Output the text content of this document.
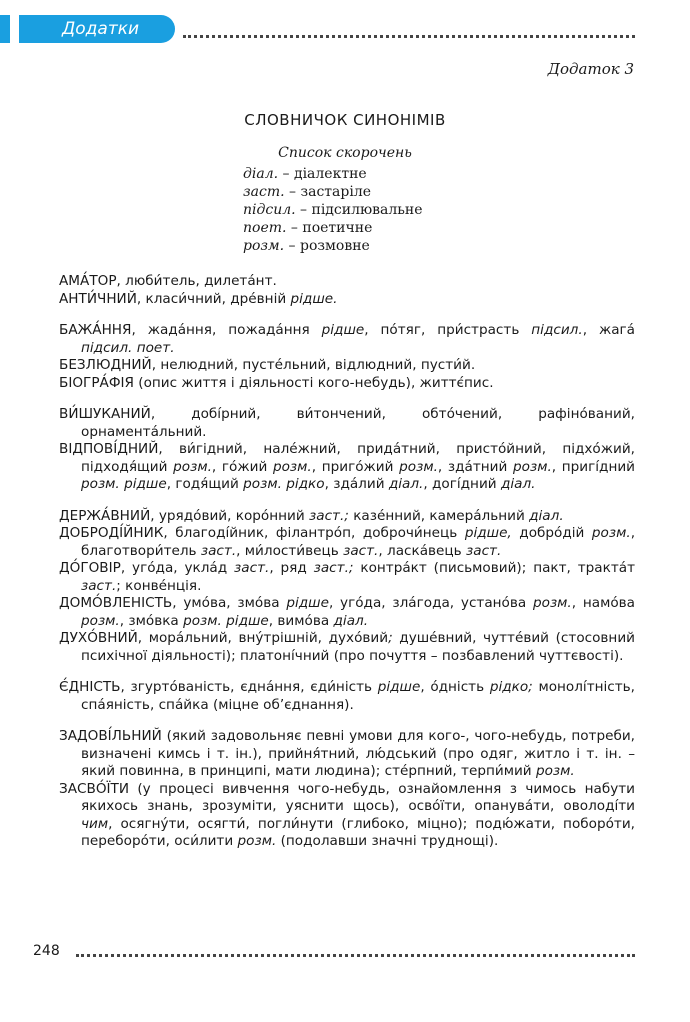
Додатки
Додаток 3
СЛОВНИЧОК СИНОНІМІВ
Список скорочень
діал. – діалектне
заст. – застаріле
підсил. – підсилювальне
поет. – поетичне
розм. – розмовне
АМА́ТОР, люби́тель, дилета́нт.
АНТИ́ЧНИЙ, класи́чний, дре́вній рідше.
БАЖА́ННЯ, жада́ння, пожада́ння рідше, по́тяг, при́страсть підсил., жага́ підсил. поет.
БЕЗЛЮДНИЙ, нелюдний, пусте́льний, відлюдний, пусти́й.
БІОГРА́ФІЯ (опис життя і діяльності кого-небудь), життє́пис.
ВИ́ШУКАНИЙ, добі́рний, ви́тончений, обто́чений, рафіно́ваний, орнамента́льний.
ВІДПОВІ́ДНИЙ, ви́гідний, нале́жний, прида́тний, присто́йний, підхо́жий, підходя́щий розм., го́жий розм., пригóжий розм., зда́тний розм., пригі́дний розм. рідше, годя́щий розм. рідко, зда́лий діал., догі́дний діал.
ДЕРЖА́ВНИЙ, урядо́вий, коро́нний заст.; казе́нний, камера́льний діал.
ДОБРОДІ́ЙНИК, благоді́йник, філантро́п, доброчи́нець рідше, добро́дій розм., благотвори́тель заст., ми́лости́вець заст., ласка́вець заст.
ДО́ГОВІР, угóда, укла́д заст., ряд заст.; контра́кт (письмовий); пакт, тракта́т заст.; конве́нція.
ДОМО́ВЛЕНІСТЬ, умо́ва, змо́ва рідше, угóда, зла́года, устано́ва розм., намо́ва розм., змо́вка розм. рідше, вимо́ва діал.
ДУХО́ВНИЙ, мора́льний, вну́трішній, духо́вий; душе́вний, чутте́вий (стосовний психічної діяльності); платоні́чний (про почуття – позбавлений чуттєвості).
Є́ДНІСТЬ, згурто́ваність, єдна́ння, єди́ність рідше, о́дність рідко; монолі́тність, спа́яність, спа́йка (міцне об’єднання).
ЗАДОВІ́ЛЬНИЙ (який задовольняє певні умови для кого-, чого-небудь, потреби, визначені кимсь і т. ін.), прийня́тний, лю́дський (про одяг, житло і т. ін. – який повинна, в принципі, мати людина); сте́рпний, терпи́мий розм.
ЗАСВО́ЇТИ (у процесі вивчення чого-небудь, ознайомлення з чимось набути якихось знань, зрозуміти, уяснити щось), освóїти, опанува́ти, оволоді́ти чим, осягну́ти, осягти́, погли́нути (глибоко, міцно); подю́жати, побоpóти, переборо́ти, оси́лити розм. (подолавши значні труднощі).
248
